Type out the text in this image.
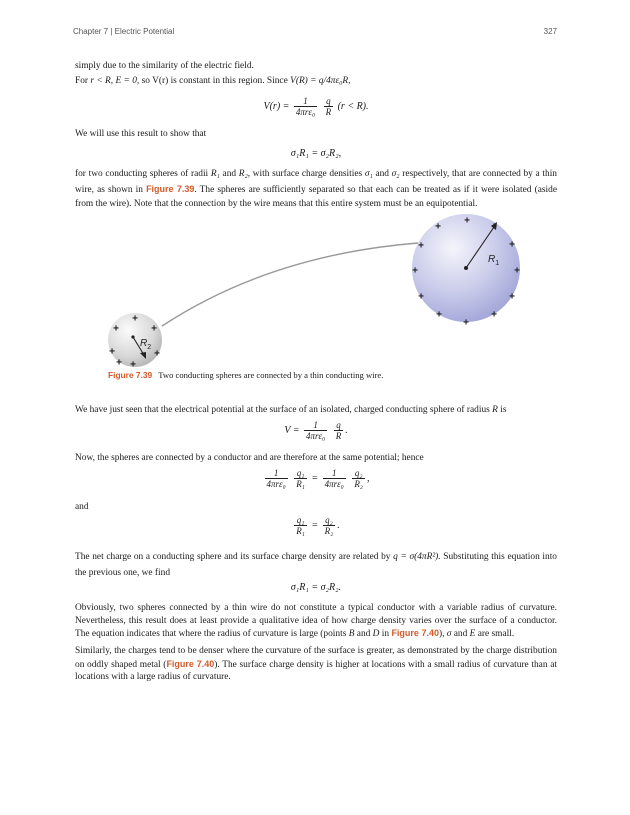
Chapter 7 | Electric Potential	327
simply due to the similarity of the electric field.
For r < R, E = 0, so V(r) is constant in this region. Since V(R) = q/4πε₀R,
$V(r) = \frac{1}{\text{4πrε₀}}$
$\frac{q}{R} (r < R)$.
We will use this result to show that
σ₁R₁ = σ₂R₂,
for two conducting spheres of radii R₁ and R₂, with surface charge densities σ₁ and σ₂ respectively, that are connected by a thin wire, as shown in Figure 7.39. The spheres are sufficiently separated so that each can be treated as if it were isolated (aside from the wire). Note that the connection by the wire means that this entire system must be an equipotential.
$R_1$
$R_2$
+
+	+
+	+
+	+
+	+
+	+
+
+
+	+
+	+
+
+
Figure 7.39 Two conducting spheres are connected by a thin conducting wire.
We have just seen that the electrical potential at the surface of an isolated, charged conducting sphere of radius R is
$V = \frac{1}{\text{4πrε₀}}$
$\frac{q}{R}$ .
Now, the spheres are connected by a conductor and are therefore at the same potential; hence
$\frac{1}{\text{4πrε₀}}$
$\frac{\text{q₁}}{\text{R₁}} = \frac{1}{\text{4πrε₀}}$
$\frac{\text{q₂}}{\text{R₂}}$ ,
and
$\frac{\text{q₁}}{\text{R₁}} = \frac{\text{q₂}}{\text{R₂}}$ .
The net charge on a conducting sphere and its surface charge density are related by q = σ(4πR²). Substituting this equation into the previous one, we find
σ₁R₁ = σ₂R₂.
Obviously, two spheres connected by a thin wire do not constitute a typical conductor with a variable radius of curvature. Nevertheless, this result does at least provide a qualitative idea of how charge density varies over the surface of a conductor. The equation indicates that where the radius of curvature is large (points B and D in Figure 7.40), σ and E are small.
Similarly, the charges tend to be denser where the curvature of the surface is greater, as demonstrated by the charge distribution on oddly shaped metal (Figure 7.40). The surface charge density is higher at locations with a small radius of curvature than at locations with a large radius of curvature.
